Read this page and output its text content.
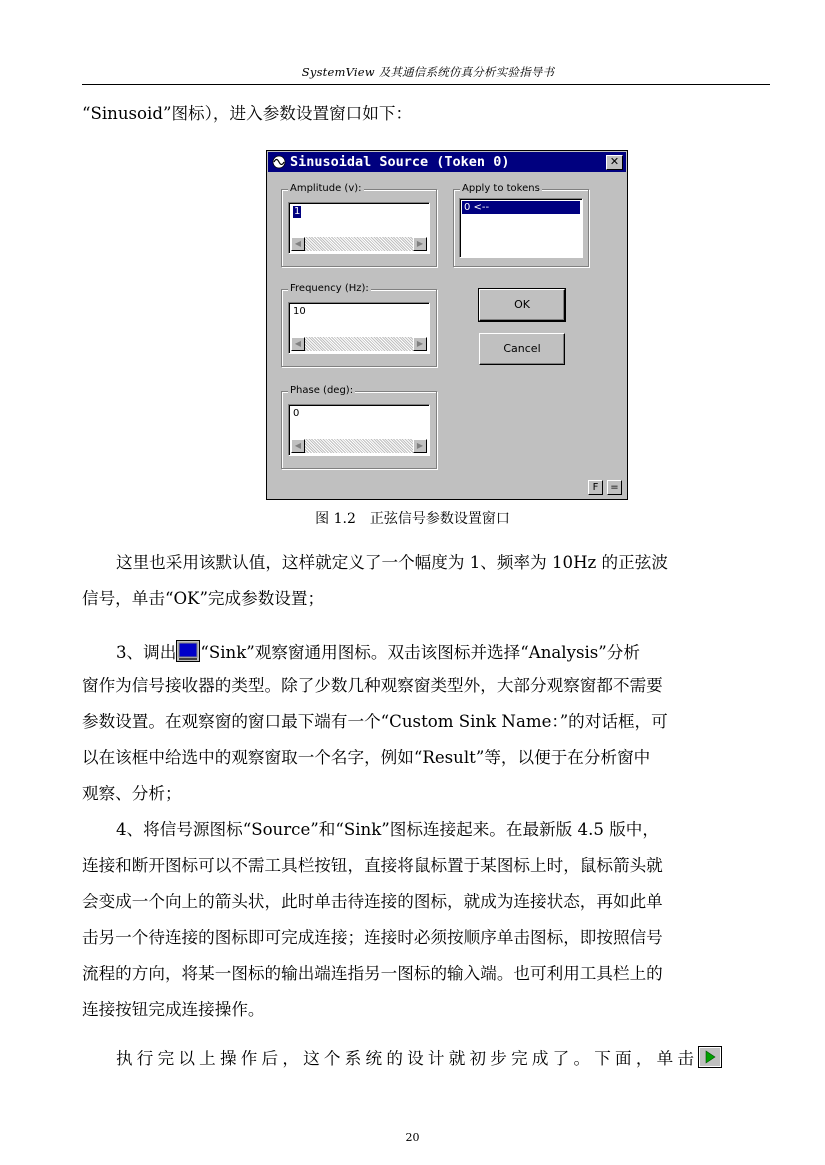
SystemView 及其通信系统仿真分析实验指导书
“Sinusoid”图标），进入参数设置窗口如下：
Sinusoidal Source (Token 0)	✕
Amplitude (v):
1
◀	▶
Apply to tokens
0 <--
Frequency (Hz):
10
◀	▶
OK
Cancel
Phase (deg):
0
◀	▶
F	=
图 1.2　正弦信号参数设置窗口
这里也采用该默认值，这样就定义了一个幅度为 1、频率为 10Hz 的正弦波
信号，单击“OK”完成参数设置；
3、调出 “Sink”观察窗通用图标。双击该图标并选择“Analysis”分析
窗作为信号接收器的类型。除了少数几种观察窗类型外，大部分观察窗都不需要
参数设置。在观察窗的窗口最下端有一个“Custom Sink Name：”的对话框，可
以在该框中给选中的观察窗取一个名字，例如“Result”等，以便于在分析窗中
观察、分析；
4、将信号源图标“Source”和“Sink”图标连接起来。在最新版 4.5 版中，
连接和断开图标可以不需工具栏按钮，直接将鼠标置于某图标上时，鼠标箭头就
会变成一个向上的箭头状，此时单击待连接的图标，就成为连接状态，再如此单
击另一个待连接的图标即可完成连接；连接时必须按顺序单击图标，即按照信号
流程的方向，将某一图标的输出端连指另一图标的输入端。也可利用工具栏上的
连接按钮完成连接操作。
执行完以上操作后，这个系统的设计就初步完成了。下面，单击
20
